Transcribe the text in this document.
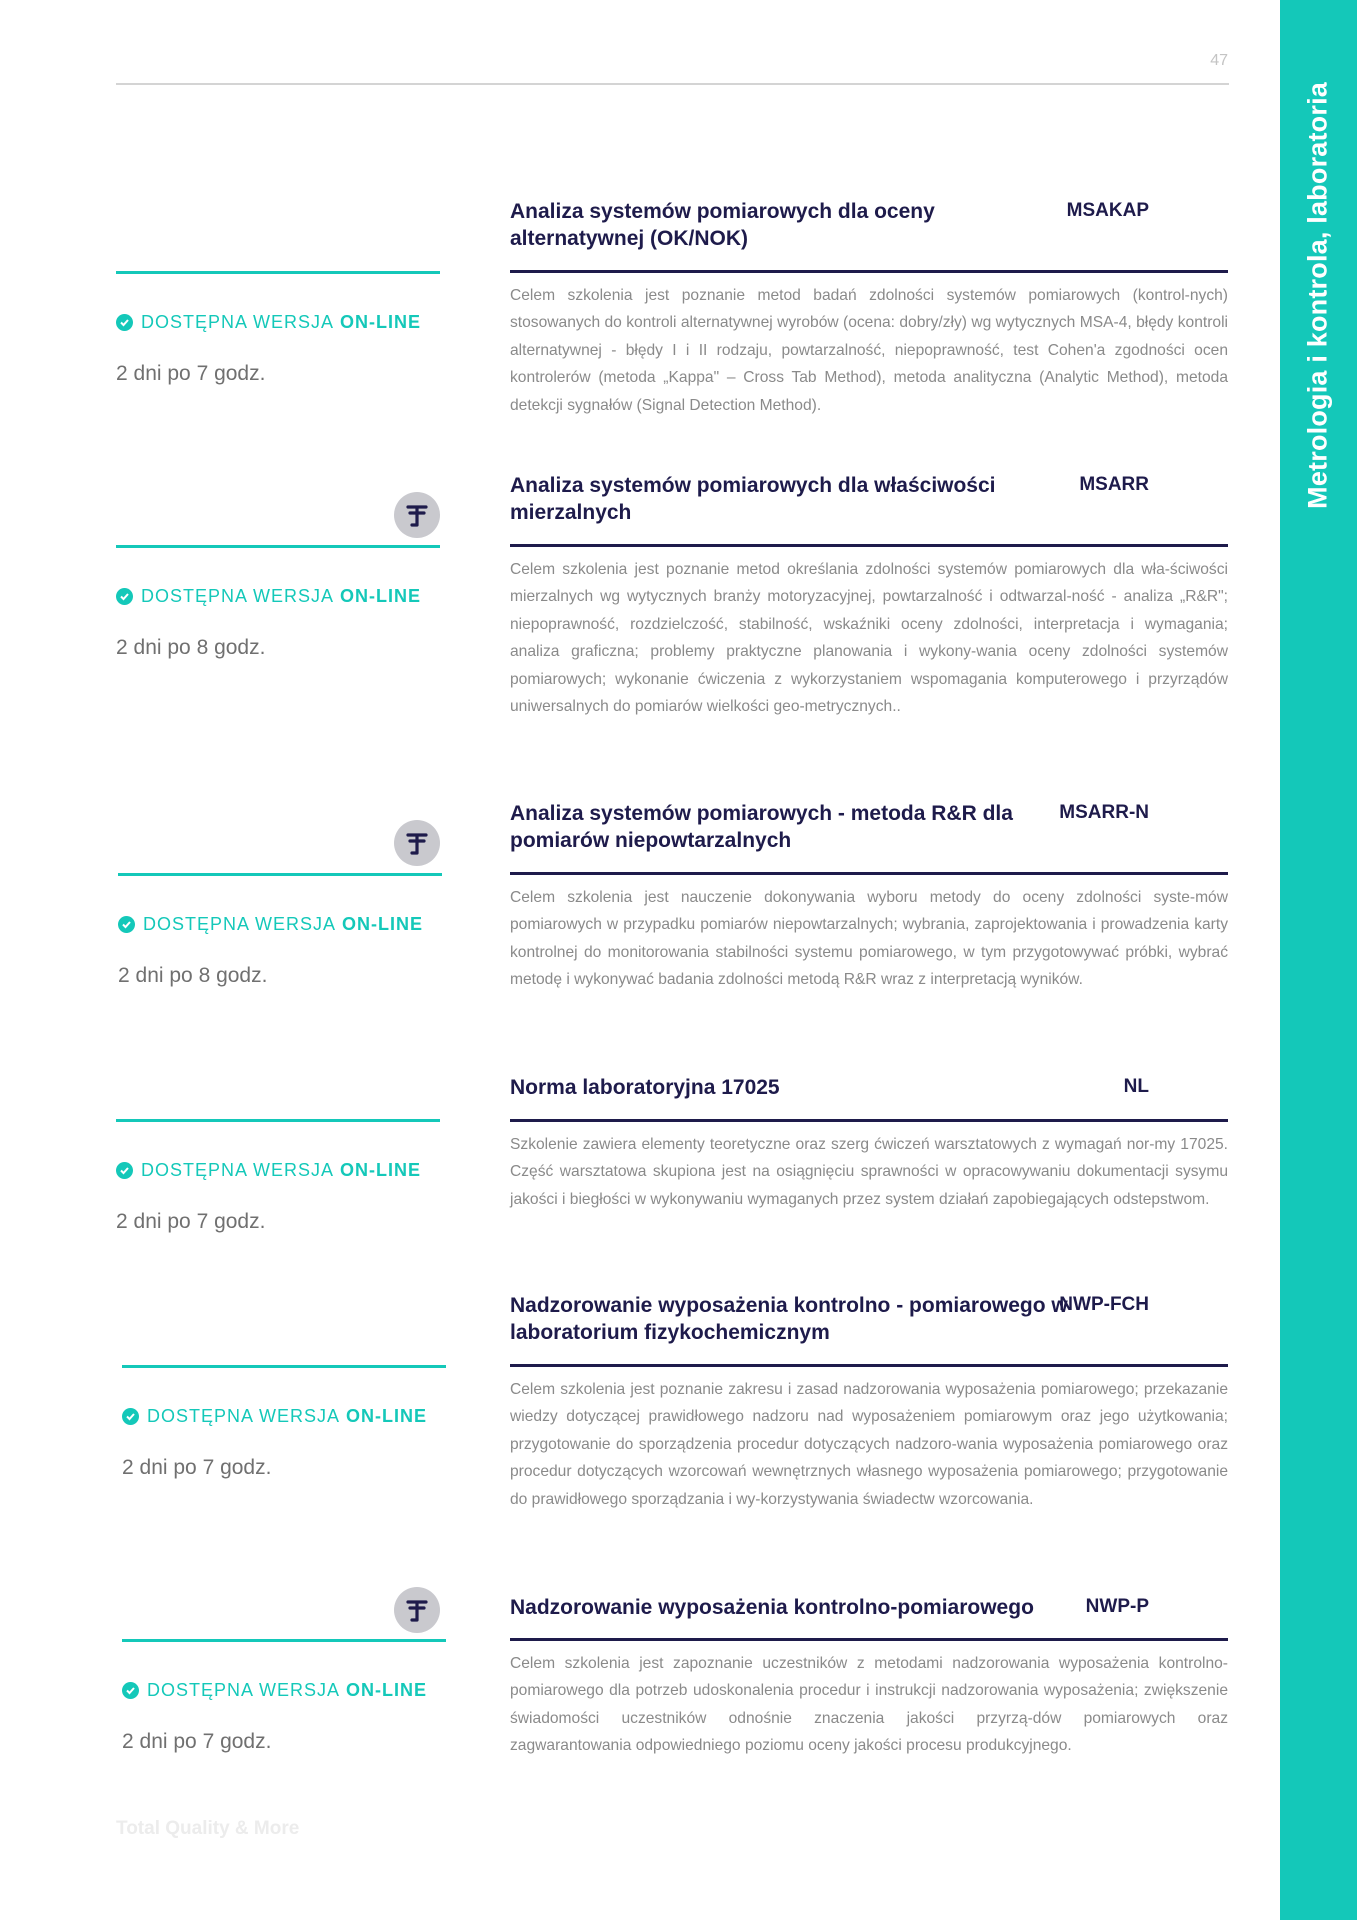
Metrologia i kontrola, laboratoria
47
DOSTĘPNA WERSJA ON-LINE
2 dni po 7 godz.
Analiza systemów pomiarowych dla oceny alternatywnej (OK/NOK)
MSAKAP
Celem szkolenia jest poznanie metod badań zdolności systemów pomiarowych (kontrol-nych) stosowanych do kontroli alternatywnej wyrobów (ocena: dobry/zły) wg wytycznych MSA-4, błędy kontroli alternatywnej - błędy I i II rodzaju, powtarzalność, niepoprawność, test Cohen'a zgodności ocen kontrolerów (metoda „Kappa" – Cross Tab Method), metoda analityczna (Analytic Method), metoda detekcji sygnałów (Signal Detection Method).
DOSTĘPNA WERSJA ON-LINE
2 dni po 8 godz.
Analiza systemów pomiarowych dla właściwości mierzalnych
MSARR
Celem szkolenia jest poznanie metod określania zdolności systemów pomiarowych dla wła-ściwości mierzalnych wg wytycznych branży motoryzacyjnej, powtarzalność i odtwarzal-ność - analiza „R&R"; niepoprawność, rozdzielczość, stabilność, wskaźniki oceny zdolności, interpretacja i wymagania; analiza graficzna; problemy praktyczne planowania i wykony-wania oceny zdolności systemów pomiarowych; wykonanie ćwiczenia z wykorzystaniem wspomagania komputerowego i przyrządów uniwersalnych do pomiarów wielkości geo-metrycznych..
DOSTĘPNA WERSJA ON-LINE
2 dni po 8 godz.
Analiza systemów pomiarowych - metoda R&R dla pomiarów niepowtarzalnych
MSARR-N
Celem szkolenia jest nauczenie dokonywania wyboru metody do oceny zdolności syste-mów pomiarowych w przypadku pomiarów niepowtarzalnych; wybrania, zaprojektowania i prowadzenia karty kontrolnej do monitorowania stabilności systemu pomiarowego, w tym przygotowywać próbki, wybrać metodę i wykonywać badania zdolności metodą R&R wraz z interpretacją wyników.
DOSTĘPNA WERSJA ON-LINE
2 dni po 7 godz.
Norma laboratoryjna 17025	NL
Szkolenie zawiera elementy teoretyczne oraz szerg ćwiczeń warsztatowych z wymagań nor-my 17025. Część warsztatowa skupiona jest na osiągnięciu sprawności w opracowywaniu dokumentacji sysymu jakości i biegłości w wykonywaniu wymaganych przez system działań zapobiegających odstepstwom.
DOSTĘPNA WERSJA ON-LINE
2 dni po 7 godz.
Nadzorowanie wyposażenia kontrolno - pomiarowego w laboratorium fizykochemicznym
NWP-FCH
Celem szkolenia jest poznanie zakresu i zasad nadzorowania wyposażenia pomiarowego; przekazanie wiedzy dotyczącej prawidłowego nadzoru nad wyposażeniem pomiarowym oraz jego użytkowania; przygotowanie do sporządzenia procedur dotyczących nadzoro-wania wyposażenia pomiarowego oraz procedur dotyczących wzorcowań wewnętrznych własnego wyposażenia pomiarowego; przygotowanie do prawidłowego sporządzania i wy-korzystywania świadectw wzorcowania.
DOSTĘPNA WERSJA ON-LINE
2 dni po 7 godz.
Nadzorowanie wyposażenia kontrolno-pomiarowego	NWP-P
Celem szkolenia jest zapoznanie uczestników z metodami nadzorowania wyposażenia kontrolno-pomiarowego dla potrzeb udoskonalenia procedur i instrukcji nadzorowania wyposażenia; zwiększenie świadomości uczestników odnośnie znaczenia jakości przyrzą-dów pomiarowych oraz zagwarantowania odpowiedniego poziomu oceny jakości procesu produkcyjnego.
Total Quality & More
